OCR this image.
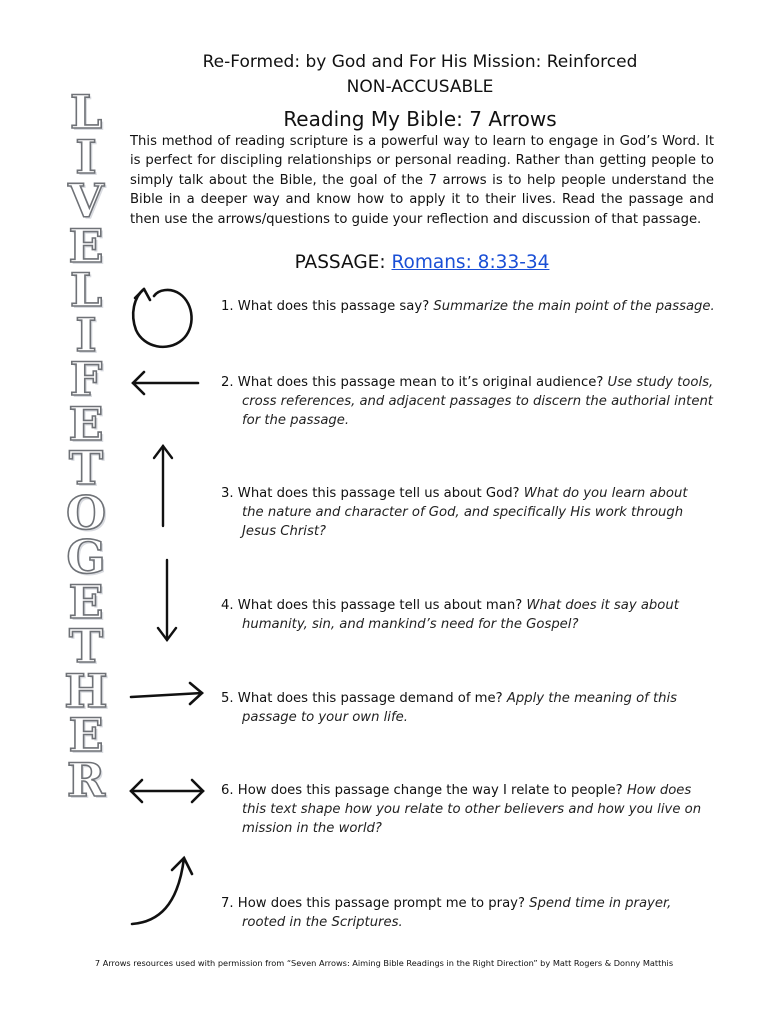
L
I
V
E
L
I
F
E
T
O
G
E
T
H
E
R
Re-Formed: by God and For His Mission: Reinforced
NON-ACCUSABLE
Reading My Bible: 7 Arrows
This method of reading scripture is a powerful way to learn to engage in God’s Word. It is perfect for discipling relationships or personal reading. Rather than getting people to simply talk about the Bible, the goal of the 7 arrows is to help people understand the Bible in a deeper way and know how to apply it to their lives. Read the passage and then use the arrows/questions to guide your reflection and discussion of that passage.
PASSAGE: Romans: 8:33-34
1. What does this passage say? Summarize the main point of the passage.
2. What does this passage mean to it’s original audience? Use study tools,
cross references, and adjacent passages to discern the authorial intent for the passage.
3. What does this passage tell us about God? What do you learn about
the nature and character of God, and specifically His work through Jesus Christ?
4. What does this passage tell us about man? What does it say about
humanity, sin, and mankind’s need for the Gospel?
5. What does this passage demand of me? Apply the meaning of this
passage to your own life.
6. How does this passage change the way I relate to people? How does
this text shape how you relate to other believers and how you live on mission in the world?
7. How does this passage prompt me to pray? Spend time in prayer,
rooted in the Scriptures.
7 Arrows resources used with permission from “Seven Arrows: Aiming Bible Readings in the Right Direction” by Matt Rogers & Donny Matthis
